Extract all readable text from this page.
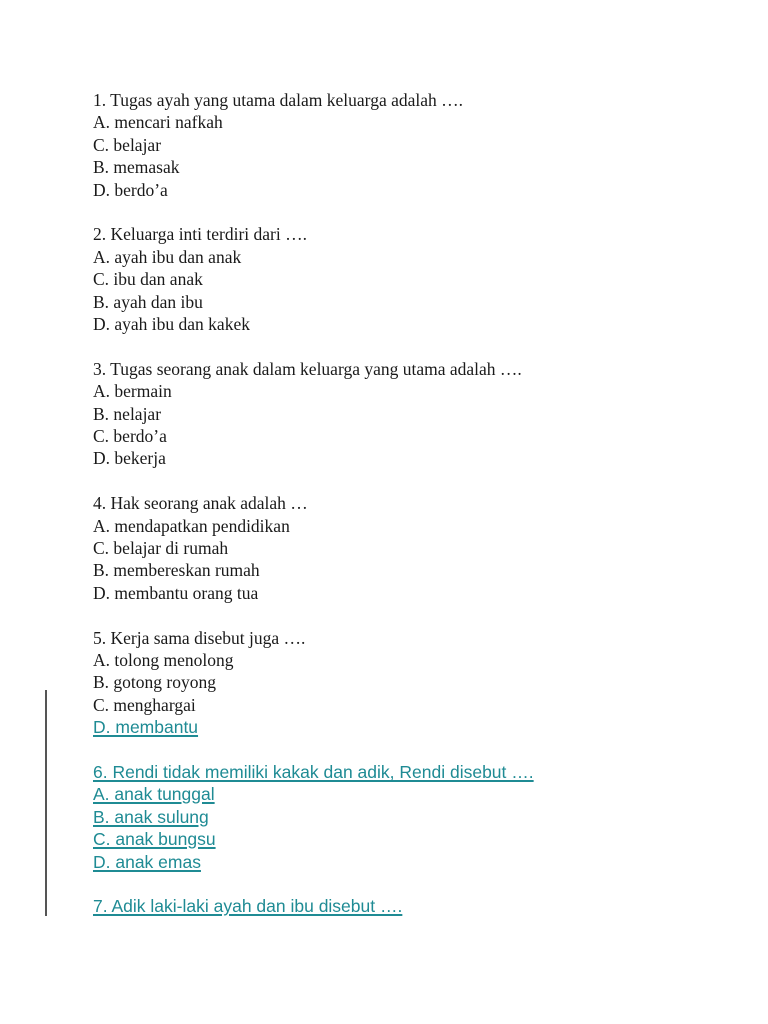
1. Tugas ayah yang utama dalam keluarga adalah ….
A. mencari nafkah
C. belajar
B. memasak
D. berdo’a
2. Keluarga inti terdiri dari ….
A. ayah ibu dan anak
C. ibu dan anak
B. ayah dan ibu
D. ayah ibu dan kakek
3. Tugas seorang anak dalam keluarga yang utama adalah ….
A. bermain
B. nelajar
C. berdo’a
D. bekerja
4. Hak seorang anak adalah …
A. mendapatkan pendidikan
C. belajar di rumah
B. membereskan rumah
D. membantu orang tua
5. Kerja sama disebut juga ….
A. tolong menolong
B. gotong royong
C. menghargai
D. membantu
6. Rendi tidak memiliki kakak dan adik, Rendi disebut ….
A. anak tunggal
B. anak sulung
C. anak bungsu
D. anak emas
7. Adik laki-laki ayah dan ibu disebut ….
